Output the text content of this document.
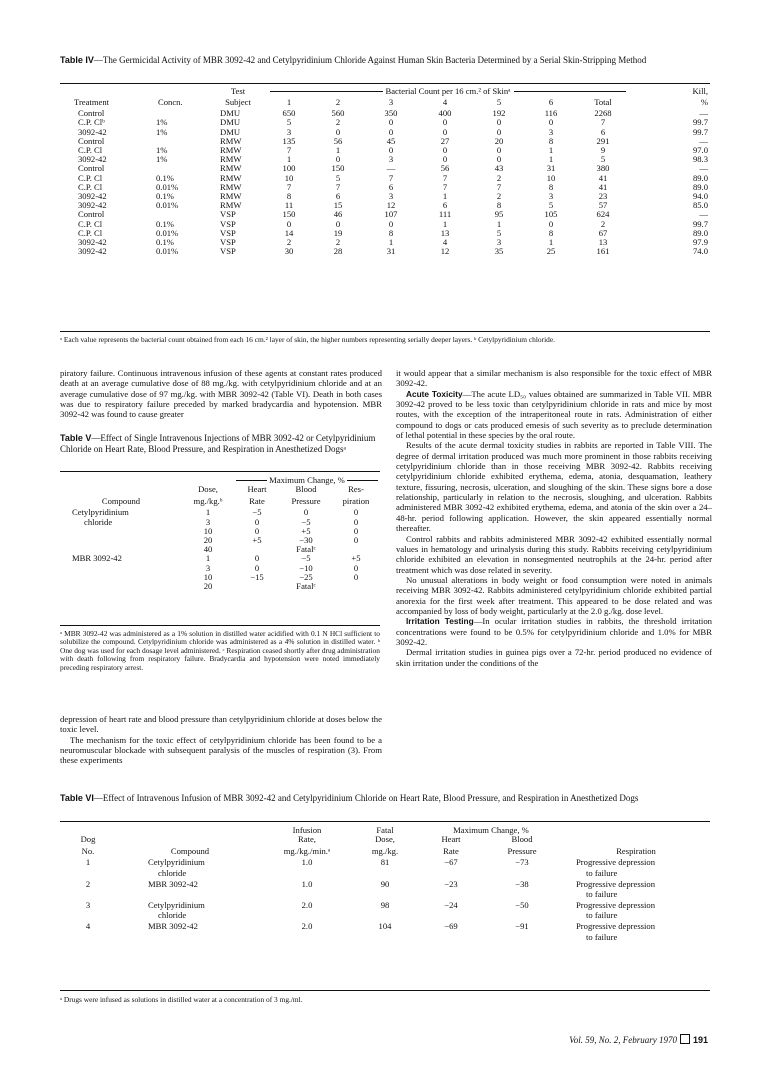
Table IV—The Germicidal Activity of MBR 3092-42 and Cetylpyridinium Chloride Against Human Skin Bacteria Determined by a Serial Skin-Stripping Method
		Test	Bacterial Count per 16 cm.² of Skinᵃ							Kill,
Treatment	Concn.	Subject	1	2	3	4	5	6	Total	%
Control		DMU	650	560	350	400	192	116	2268	—
C.P. Clᵇ	1%	DMU	5	2	0	0	0	0	7	99.7
3092-42	1%	DMU	3	0	0	0	0	3	6	99.7
Control		RMW	135	56	45	27	20	8	291	—
C.P. Cl	1%	RMW	7	1	0	0	0	1	9	97.0
3092-42	1%	RMW	1	0	3	0	0	1	5	98.3
Control		RMW	100	150	—	56	43	31	380	—
C.P. Cl	0.1%	RMW	10	5	7	7	2	10	41	89.0
C.P. Cl	0.01%	RMW	7	7	6	7	7	8	41	89.0
3092-42	0.1%	RMW	8	6	3	1	2	3	23	94.0
3092-42	0.01%	RMW	11	15	12	6	8	5	57	85.0
Control		VSP	150	46	107	111	95	105	624	—
C.P. Cl	0.1%	VSP	0	0	0	1	1	0	2	99.7
C.P. Cl	0.01%	VSP	14	19	8	13	5	8	67	89.0
3092-42	0.1%	VSP	2	2	1	4	3	1	13	97.9
3092-42	0.01%	VSP	30	28	31	12	35	25	161	74.0
ᵃ Each value represents the bacterial count obtained from each 16 cm.² layer of skin, the higher numbers representing serially deeper layers. ᵇ Cetylpyridinium chloride.

piratory failure. Continuous intravenous infusion of these agents at constant rates produced death at an average cumulative dose of 88 mg./kg. with cetylpyridinium chloride and at an average cumulative dose of 97 mg./kg. with MBR 3092-42 (Table VI). Death in both cases was due to respiratory failure preceded by marked bradycardia and hypotension. MBR 3092-42 was found to cause greater

Table V—Effect of Single Intravenous Injections of MBR 3092-42 or Cetylpyridinium Chloride on Heart Rate, Blood Pressure, and Respiration in Anesthetized Dogsᵃ

		Maximum Change, %		

	Dose,	Heart	Blood	Res-
Compound	mg./kg.ᵇ	Rate	Pressure	piration
Cetylpyridinium	1	−5	0	0
chloride	3	0	−5	0
	10	0	+5	0
	20	+5	−30	0
	40		Fatalᶜ	
MBR 3092-42	1	0	−5	+5
	3	0	−10	0
	10	−15	−25	0
	20		Fatalᶜ	
ᵃ MBR 3092-42 was administered as a 1% solution in distilled water acidified with 0.1 N HCl sufficient to solubilize the compound. Cetylpyridinium chloride was administered as a 4% solution in distilled water. ᵇ One dog was used for each dosage level administered. ᶜ Respiration ceased shortly after drug administration with death following from respiratory failure. Bradycardia and hypotension were noted immediately preceding respiratory arrest.

depression of heart rate and blood pressure than cetylpyridinium chloride at doses below the toxic level.

The mechanism for the toxic effect of cetylpyridinium chloride has been found to be a neuromuscular blockade with subsequent paralysis of the muscles of respiration (3). From these experiments

it would appear that a similar mechanism is also responsible for the toxic effect of MBR 3092-42.

Acute Toxicity—The acute LD₅₀ values obtained are summarized in Table VII. MBR 3092-42 proved to be less toxic than cetylpyridinium chloride in rats and mice by most routes, with the exception of the intraperitoneal route in rats. Administration of either compound to dogs or cats produced emesis of such severity as to preclude determination of lethal potential in these species by the oral route.

Results of the acute dermal toxicity studies in rabbits are reported in Table VIII. The degree of dermal irritation produced was much more prominent in those rabbits receiving cetylpyridinium chloride than in those receiving MBR 3092-42. Rabbits receiving cetylpyridinium chloride exhibited erythema, edema, atonia, desquamation, leathery texture, fissuring, necrosis, ulceration, and sloughing of the skin. These signs bore a dose relationship, particularly in relation to the necrosis, sloughing, and ulceration. Rabbits administered MBR 3092-42 exhibited erythema, edema, and atonia of the skin over a 24–48-hr. period following application. However, the skin appeared essentially normal thereafter.

Control rabbits and rabbits administered MBR 3092-42 exhibited essentially normal values in hematology and urinalysis during this study. Rabbits receiving cetylpyridinium chloride exhibited an elevation in nonsegmented neutrophils at the 24-hr. period after treatment which was dose related in severity.

No unusual alterations in body weight or food consumption were noted in animals receiving MBR 3092-42. Rabbits administered cetylpyridinium chloride exhibited partial anorexia for the first week after treatment. This appeared to be dose related and was accompanied by loss of body weight, particularly at the 2.0 g./kg. dose level.

Irritation Testing—In ocular irritation studies in rabbits, the threshold irritation concentrations were found to be 0.5% for cetylpyridinium chloride and 1.0% for MBR 3092-42.

Dermal irritation studies in guinea pigs over a 72-hr. period produced no evidence of skin irritation under the conditions of the

Table VI—Effect of Intravenous Infusion of MBR 3092-42 and Cetylpyridinium Chloride on Heart Rate, Blood Pressure, and Respiration in Anesthetized Dogs
		Infusion	Fatal	Maximum Change, %		
Dog		Rate,	Dose,	Heart	Blood	
No.	Compound	mg./kg./min.ᵃ	mg./kg.	Rate	Pressure	Respiration
1	Cetylpyridinium	1.0	81	−67	−73	Progressive depression
	chloride					to failure
2	MBR 3092-42	1.0	90	−23	−38	Progressive depression
						to failure
3	Cetylpyridinium	2.0	98	−24	−50	Progressive depression
	chloride					to failure
4	MBR 3092-42	2.0	104	−69	−91	Progressive depression
						to failure
ᵃ Drugs were infused as solutions in distilled water at a concentration of 3 mg./ml.
Vol. 59, No. 2, February 1970 191
